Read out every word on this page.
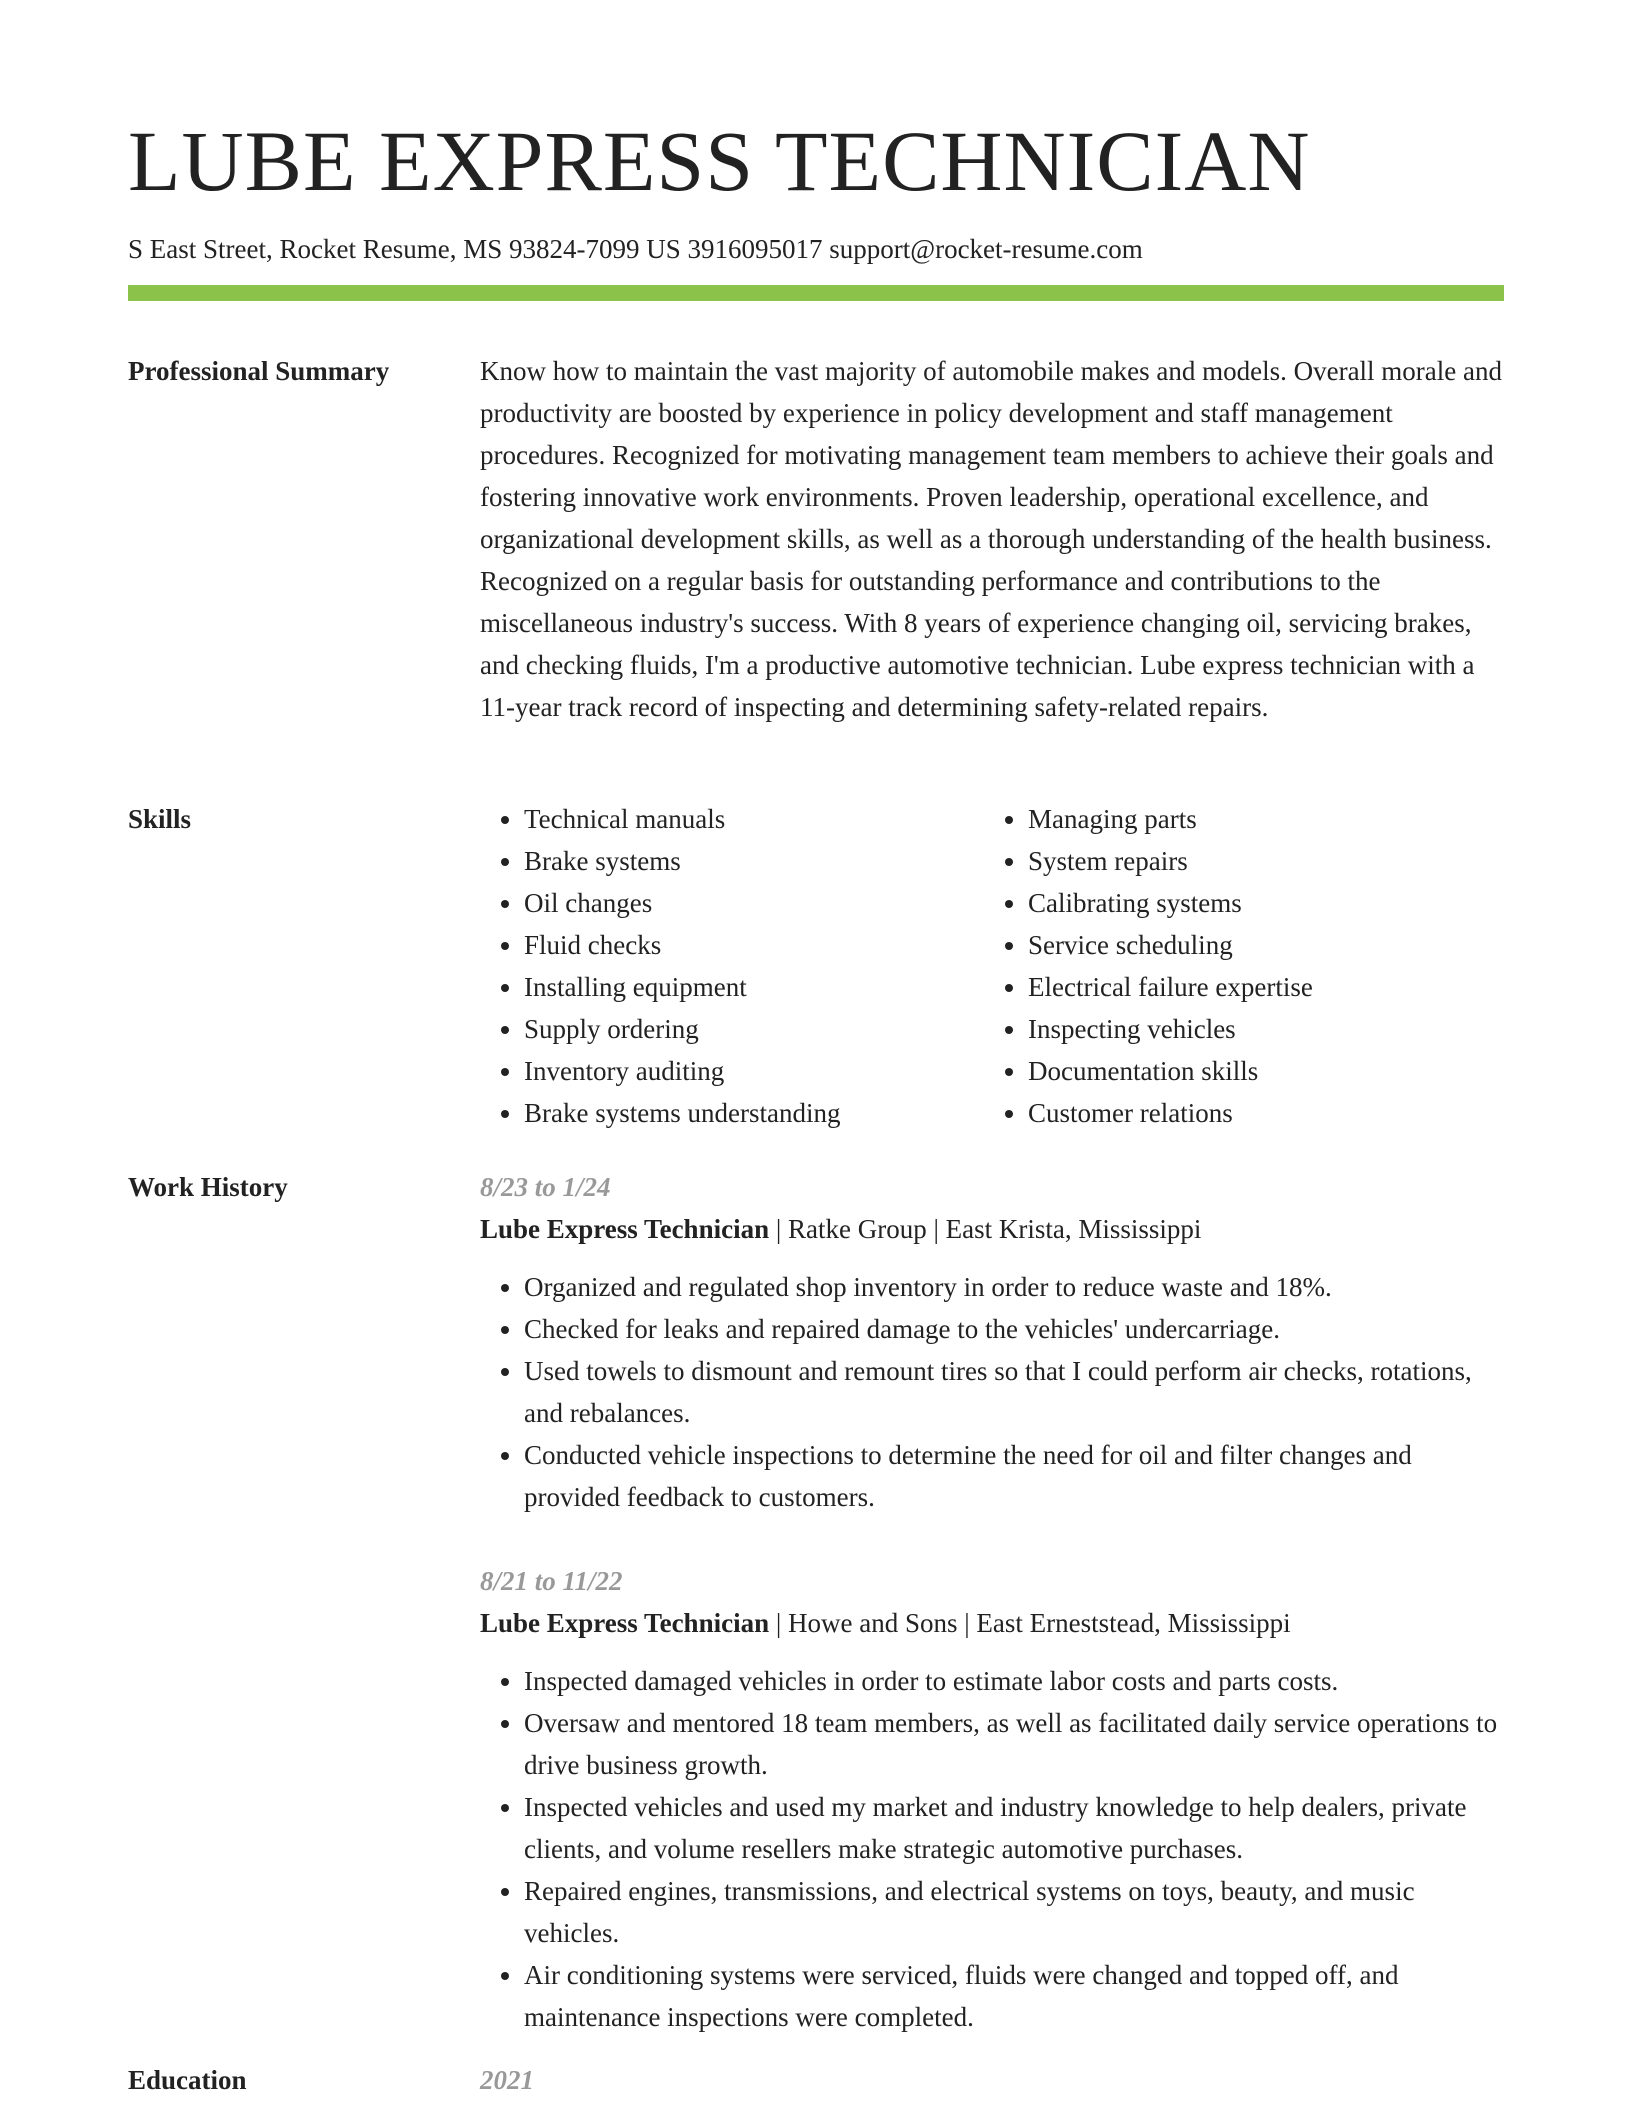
LUBE EXPRESS TECHNICIAN
S East Street, Rocket Resume, MS 93824-7099 US 3916095017 support@rocket-resume.com
Professional Summary	Know how to maintain the vast majority of automobile makes and models. Overall morale and productivity are boosted by experience in policy development and staff management procedures. Recognized for motivating management team members to achieve their goals and fostering innovative work environments. Proven leadership, operational excellence, and organizational development skills, as well as a thorough understanding of the health business. Recognized on a regular basis for outstanding performance and contributions to the miscellaneous industry's success. With 8 years of experience changing oil, servicing brakes, and checking fluids, I'm a productive automotive technician. Lube express technician with a 11-year track record of inspecting and determining safety-related repairs.

Skills
•	Technical manuals
• Brake systems
• Oil changes
• Fluid checks
• Installing equipment
• Supply ordering
• Inventory auditing
• Brake systems understanding
• Managing parts
• System repairs
• Calibrating systems
• Service scheduling
• Electrical failure expertise
• Inspecting vehicles
• Documentation skills
• Customer relations
Work History	8/23 to 1/24

Lube Express Technician | Ratke Group | East Krista, Mississippi

• Organized and regulated shop inventory in order to reduce waste and 18%.
• Checked for leaks and repaired damage to the vehicles' undercarriage.
• Used towels to dismount and remount tires so that I could perform air checks, rotations, and rebalances.
• Conducted vehicle inspections to determine the need for oil and filter changes and provided feedback to customers.

8/21 to 11/22

Lube Express Technician | Howe and Sons | East Erneststead, Mississippi

• Inspected damaged vehicles in order to estimate labor costs and parts costs.
• Oversaw and mentored 18 team members, as well as facilitated daily service operations to drive business growth.
• Inspected vehicles and used my market and industry knowledge to help dealers, private clients, and volume resellers make strategic automotive purchases.
• Repaired engines, transmissions, and electrical systems on toys, beauty, and music vehicles.
• Air conditioning systems were serviced, fluids were changed and topped off, and maintenance inspections were completed.
Education	2021
